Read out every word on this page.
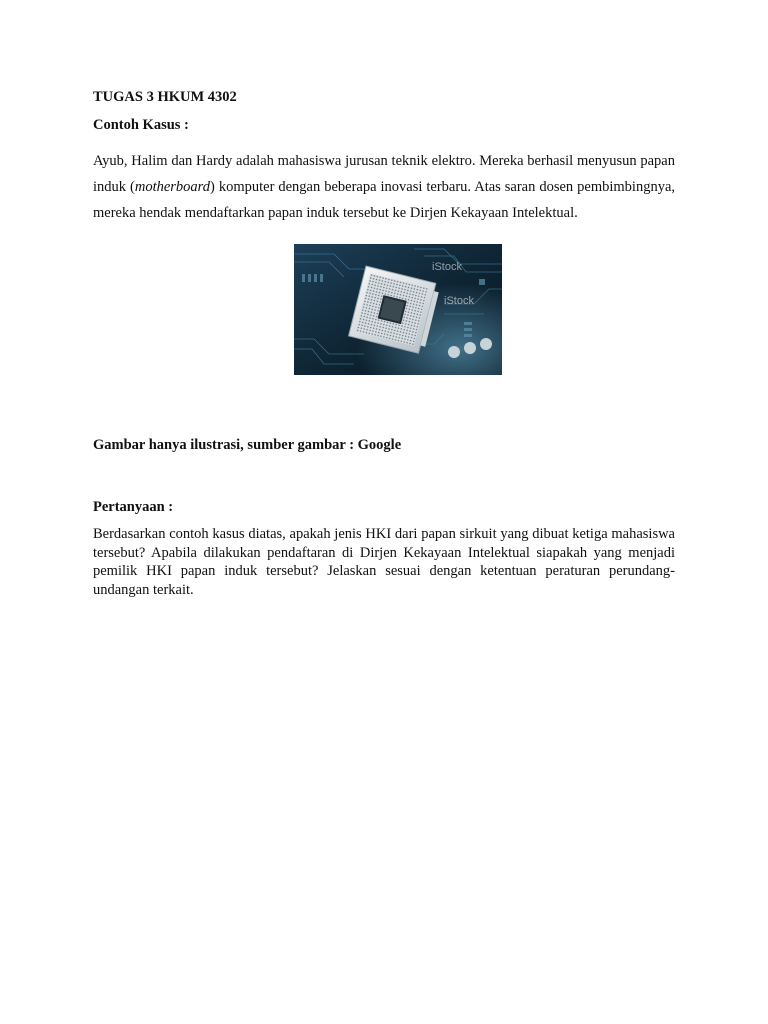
TUGAS 3 HKUM 4302
Contoh Kasus :

Ayub, Halim dan Hardy adalah mahasiswa jurusan teknik elektro. Mereka berhasil menyusun papan induk (motherboard) komputer dengan beberapa inovasi terbaru. Atas saran dosen pembimbingnya, mereka hendak mendaftarkan papan induk tersebut ke Dirjen Kekayaan Intelektual.

iStock
iStock
Gambar hanya ilustrasi, sumber gambar : Google
Pertanyaan :

Berdasarkan contoh kasus diatas, apakah jenis HKI dari papan sirkuit yang dibuat ketiga mahasiswa tersebut? Apabila dilakukan pendaftaran di Dirjen Kekayaan Intelektual siapakah yang menjadi pemilik HKI papan induk tersebut? Jelaskan sesuai dengan ketentuan peraturan perundang-undangan terkait.
